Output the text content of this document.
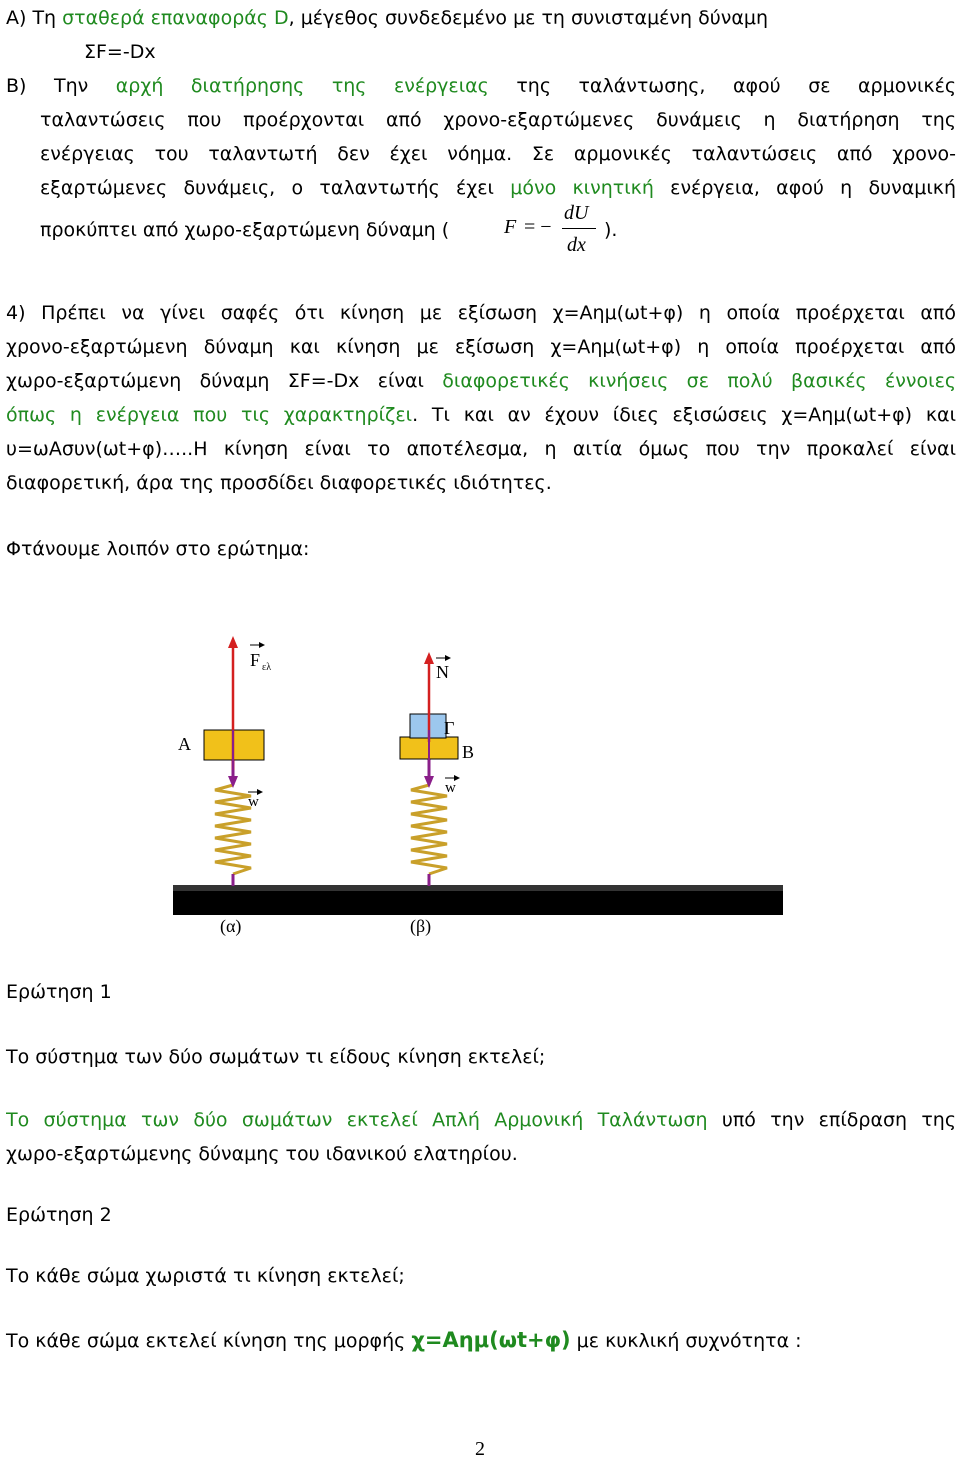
A) Τη σταθερά επαναφοράς D, μέγεθος συνδεδεμένο με τη συνισταμένη δύναμη
ΣF=-Dx
B) Την αρχή διατήρησης της ενέργειας της ταλάντωσης, αφού σε αρμονικές
ταλαντώσεις που προέρχονται από χρονο-εξαρτώμενες δυνάμεις η διατήρηση της
ενέργειας του ταλαντωτή δεν έχει νόημα. Σε αρμονικές ταλαντώσεις από χρονο-
εξαρτώμενες δυνάμεις, ο ταλαντωτής έχει μόνο κινητική ενέργεια, αφού η δυναμική
προκύπτει από χωρο-εξαρτώμενη δύναμη (	F = −
dU
dx
).
4) Πρέπει να γίνει σαφές ότι κίνηση με εξίσωση χ=Αημ(ωt+φ) η οποία προέρχεται από
χρονο-εξαρτώμενη δύναμη και κίνηση με εξίσωση χ=Αημ(ωt+φ) η οποία προέρχεται από
χωρο-εξαρτώμενη δύναμη ΣF=-Dx είναι διαφορετικές κινήσεις σε πολύ βασικές έννοιες
όπως η ενέργεια που τις χαρακτηρίζει. Τι και αν έχουν ίδιες εξισώσεις χ=Αημ(ωt+φ) και
υ=ωΑσυν(ωt+φ)…..Η κίνηση είναι το αποτέλεσμα, η αιτία όμως που την προκαλεί είναι
διαφορετική, άρα της προσδίδει διαφορετικές ιδιότητες.
Φτάνουμε λοιπόν στο ερώτημα:
Α
Γ
Β
F ελ	N
w
w
(α)	(β)
Ερώτηση 1
Το σύστημα των δύο σωμάτων τι είδους κίνηση εκτελεί;
Το σύστημα των δύο σωμάτων εκτελεί Απλή Αρμονική Ταλάντωση υπό την επίδραση της
χωρο-εξαρτώμενης δύναμης του ιδανικού ελατηρίου.
Ερώτηση 2
Το κάθε σώμα χωριστά τι κίνηση εκτελεί;
Το κάθε σώμα εκτελεί κίνηση της μορφής χ=Αημ(ωt+φ) με κυκλική συχνότητα :
2
